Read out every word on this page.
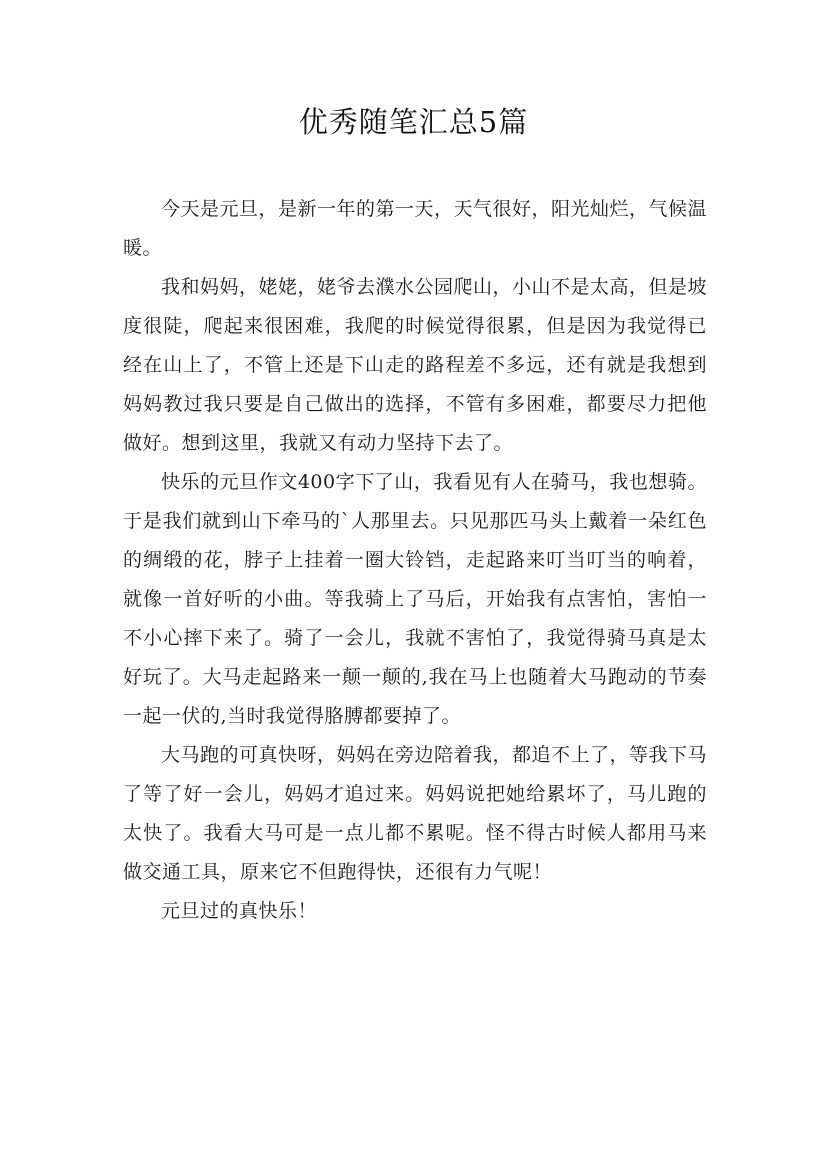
优秀随笔汇总5篇

今天是元旦，是新一年的第一天，天气很好，阳光灿烂，气候温暖。

我和妈妈，姥姥，姥爷去濮水公园爬山，小山不是太高，但是坡度很陡，爬起来很困难，我爬的时候觉得很累，但是因为我觉得已经在山上了，不管上还是下山走的路程差不多远，还有就是我想到妈妈教过我只要是自己做出的选择，不管有多困难，都要尽力把他做好。想到这里，我就又有动力坚持下去了。

快乐的元旦作文400字下了山，我看见有人在骑马，我也想骑。于是我们就到山下牵马的`人那里去。只见那匹马头上戴着一朵红色的绸缎的花，脖子上挂着一圈大铃铛，走起路来叮当叮当的响着，就像一首好听的小曲。等我骑上了马后，开始我有点害怕，害怕一不小心摔下来了。骑了一会儿，我就不害怕了，我觉得骑马真是太好玩了。大马走起路来一颠一颠的,我在马上也随着大马跑动的节奏一起一伏的,当时我觉得胳膊都要掉了。

大马跑的可真快呀，妈妈在旁边陪着我，都追不上了，等我下马了等了好一会儿，妈妈才追过来。妈妈说把她给累坏了，马儿跑的太快了。我看大马可是一点儿都不累呢。怪不得古时候人都用马来做交通工具，原来它不但跑得快，还很有力气呢！

元旦过的真快乐！
